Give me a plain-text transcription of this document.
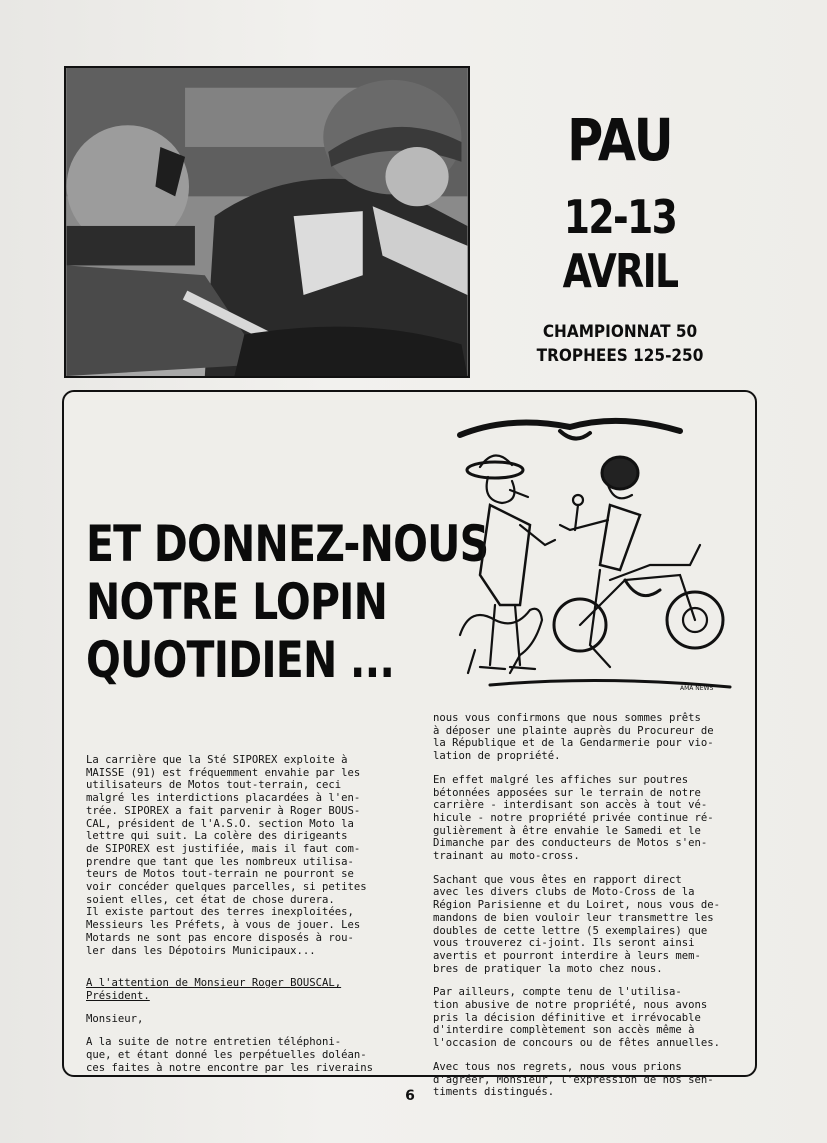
PAU
12-13 AVRIL
CHAMPIONNAT 50
TROPHEES 125-250
ET DONNEZ-NOUS
NOTRE LOPIN
QUOTIDIEN ...	AMA NEWS

La carrière que la Sté SIPOREX exploite à
MAISSE (91) est fréquemment envahie par les
utilisateurs de Motos tout-terrain, ceci
malgré les interdictions placardées à l'en-
trée. SIPOREX a fait parvenir à Roger BOUS-
CAL, président de l'A.S.O. section Moto la
lettre qui suit. La colère des dirigeants
de SIPOREX est justifiée, mais il faut com-
prendre que tant que les nombreux utilisa-
teurs de Motos tout-terrain ne pourront se
voir concéder quelques parcelles, si petites
soient elles, cet état de chose durera.
Il existe partout des terres inexploitées,
Messieurs les Préfets, à vous de jouer. Les
Motards ne sont pas encore disposés à rou-
ler dans les Dépotoirs Municipaux...

A l'attention de Monsieur Roger BOUSCAL,
Président.

Monsieur,

A la suite de notre entretien téléphoni-
que, et étant donné les perpétuelles doléan-
ces faites à notre encontre par les riverains

nous vous confirmons que nous sommes prêts
à déposer une plainte auprès du Procureur de
la République et de la Gendarmerie pour vio-
lation de propriété.

En effet malgré les affiches sur poutres
bétonnées apposées sur le terrain de notre
carrière - interdisant son accès à tout vé-
hicule - notre propriété privée continue ré-
gulièrement à être envahie le Samedi et le
Dimanche par des conducteurs de Motos s'en-
trainant au moto-cross.

Sachant que vous êtes en rapport direct
avec les divers clubs de Moto-Cross de la
Région Parisienne et du Loiret, nous vous de-
mandons de bien vouloir leur transmettre les
doubles de cette lettre (5 exemplaires) que
vous trouverez ci-joint. Ils seront ainsi
avertis et pourront interdire à leurs mem-
bres de pratiquer la moto chez nous.

Par ailleurs, compte tenu de l'utilisa-
tion abusive de notre propriété, nous avons
pris la décision définitive et irrévocable
d'interdire complètement son accès même à
l'occasion de concours ou de fêtes annuelles.

Avec tous nos regrets, nous vous prions
d'agréer, Monsieur, l'expression de nos sen-
timents distingués.

6
